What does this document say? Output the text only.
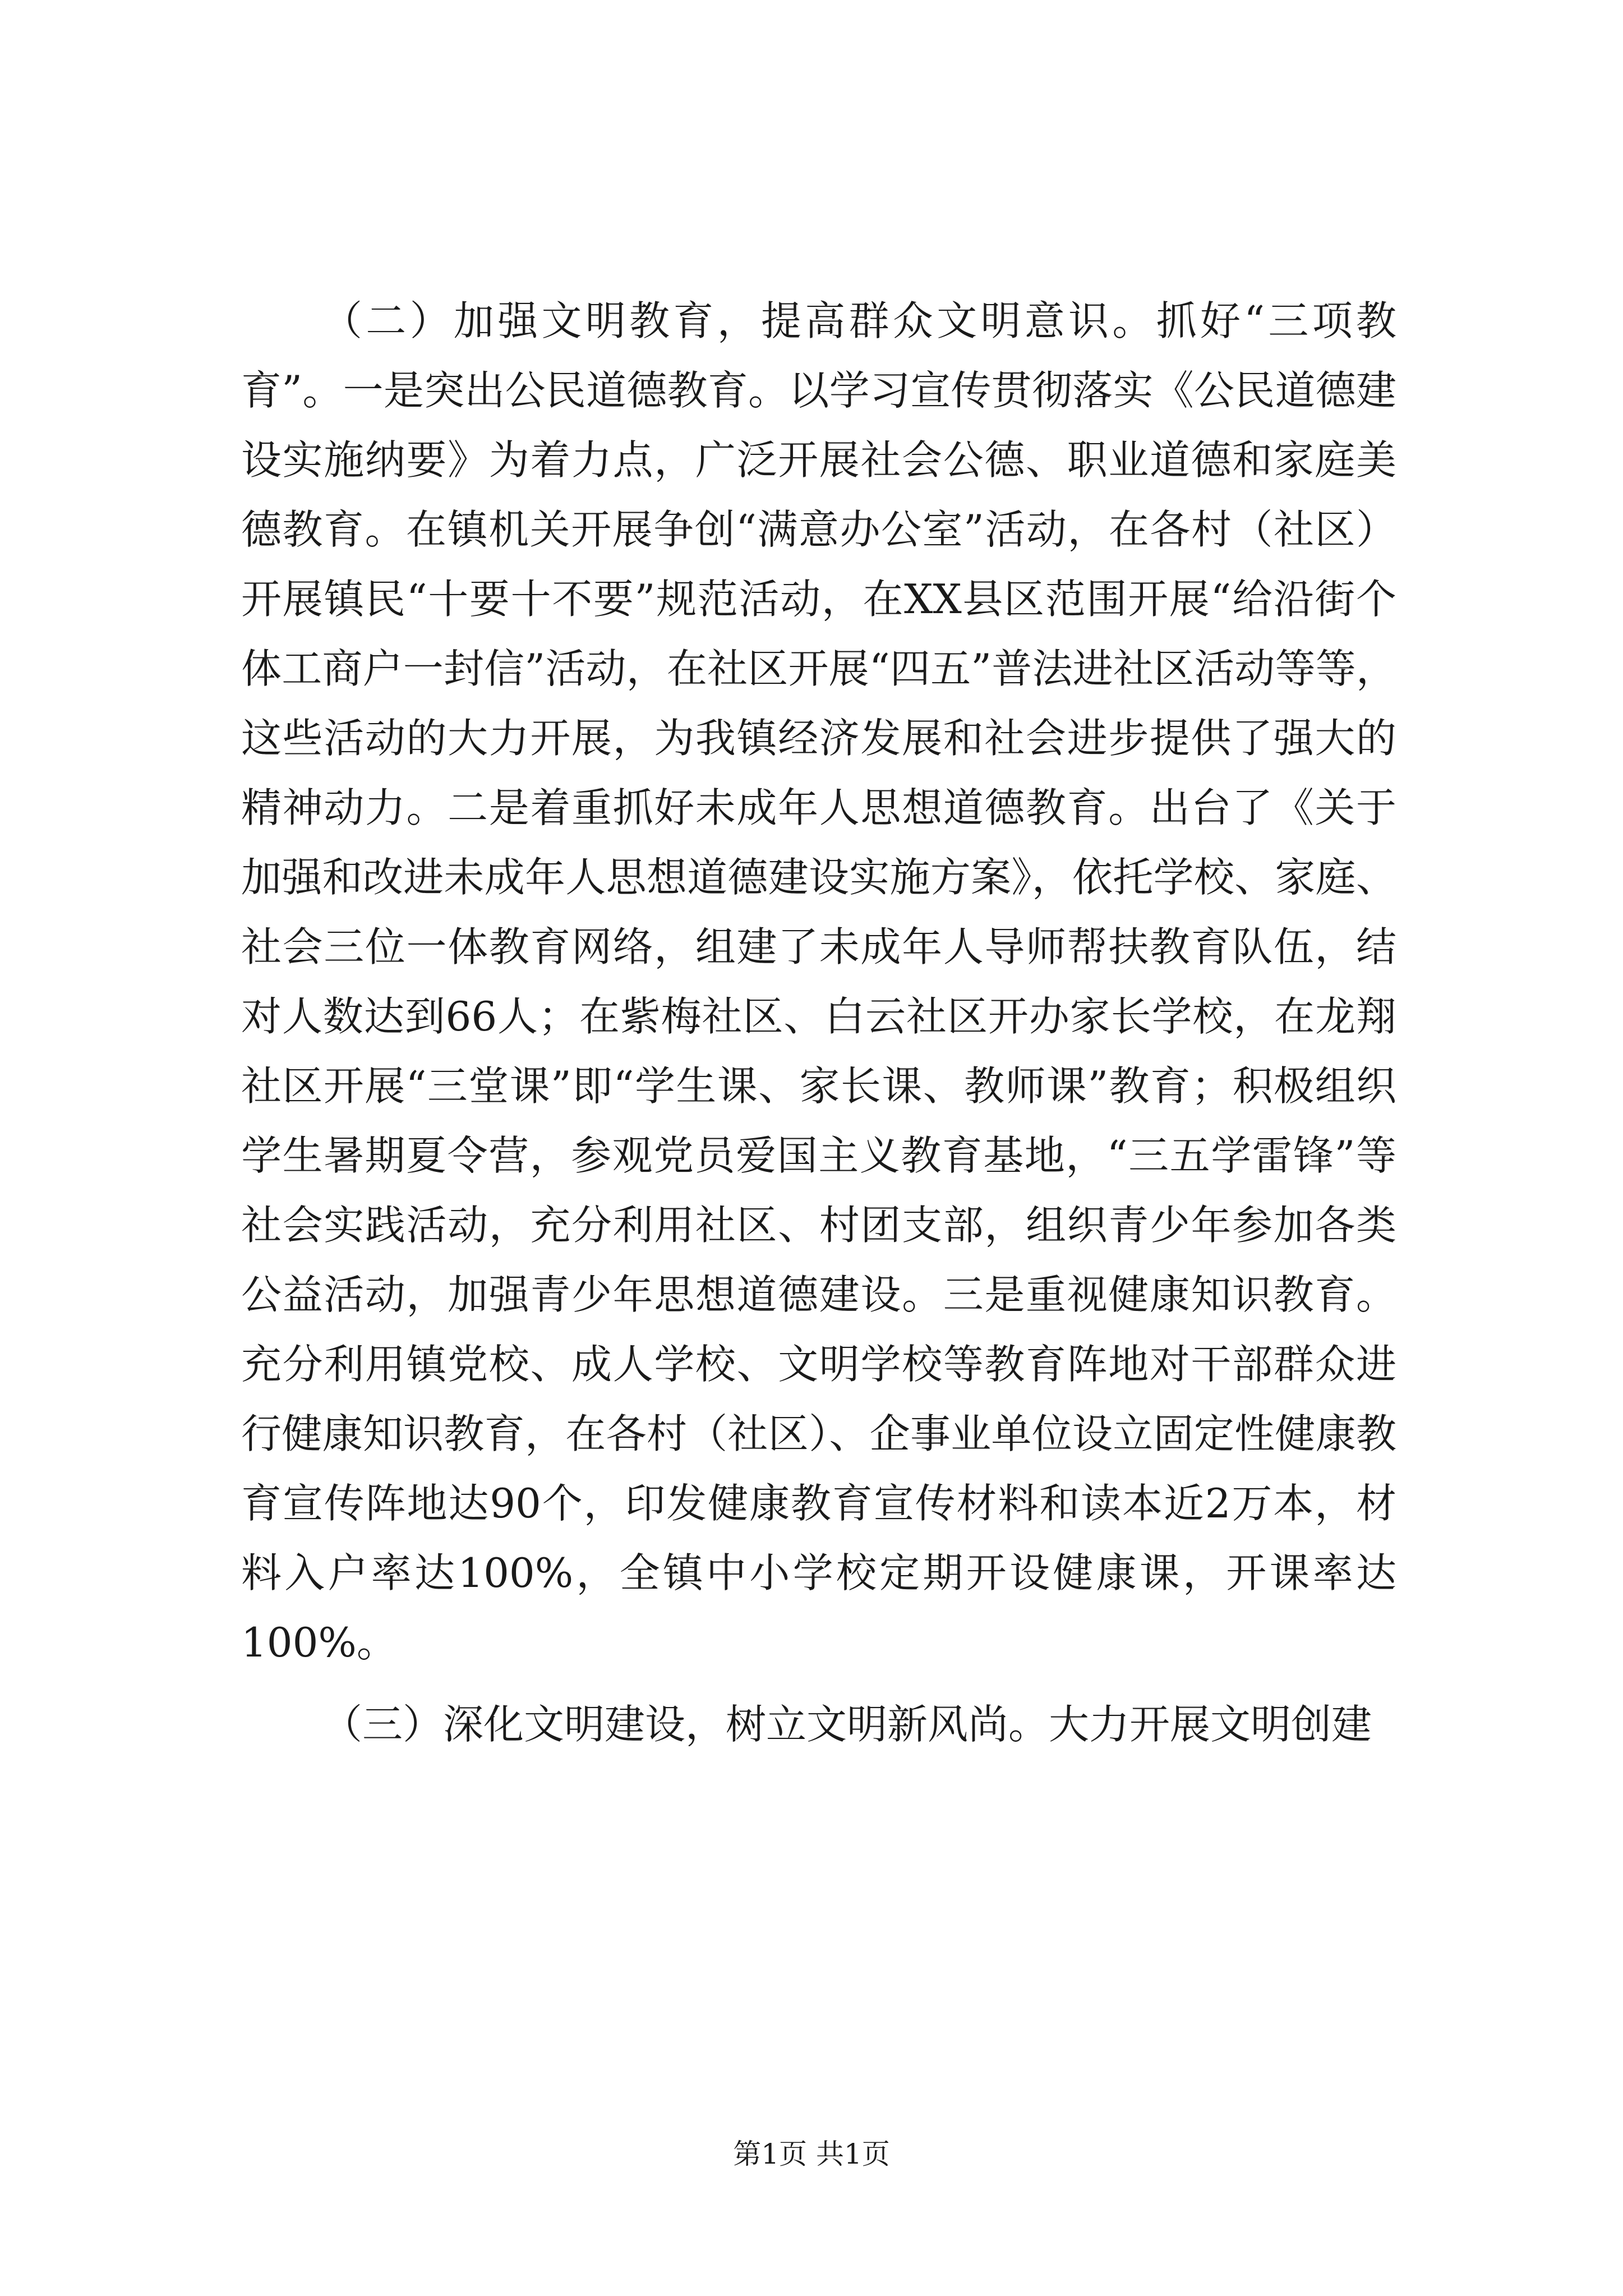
（二）加强文明教育，提高群众文明意识。抓好“三项教育”。一是突出公民道德教育。以学习宣传贯彻落实《公民道德建设实施纳要》为着力点，广泛开展社会公德、职业道德和家庭美德教育。在镇机关开展争创“满意办公室”活动，在各村（社区）开展镇民“十要十不要”规范活动，在XX县区范围开展“给沿街个体工商户一封信”活动，在社区开展“四五”普法进社区活动等等，这些活动的大力开展，为我镇经济发展和社会进步提供了强大的精神动力。二是着重抓好未成年人思想道德教育。出台了《关于加强和改进未成年人思想道德建设实施方案》，依托学校、家庭、社会三位一体教育网络，组建了未成年人导师帮扶教育队伍，结对人数达到66人；在紫梅社区、白云社区开办家长学校，在龙翔社区开展“三堂课”即“学生课、家长课、教师课”教育；积极组织学生暑期夏令营，参观党员爱国主义教育基地，“三五学雷锋”等社会实践活动，充分利用社区、村团支部，组织青少年参加各类公益活动，加强青少年思想道德建设。三是重视健康知识教育。充分利用镇党校、成人学校、文明学校等教育阵地对干部群众进行健康知识教育，在各村（社区）、企事业单位设立固定性健康教育宣传阵地达90个，印发健康教育宣传材料和读本近2万本，材料入户率达100%，全镇中小学校定期开设健康课，开课率达100%。

（三）深化文明建设，树立文明新风尚。大力开展文明创建

第1页 共1页
